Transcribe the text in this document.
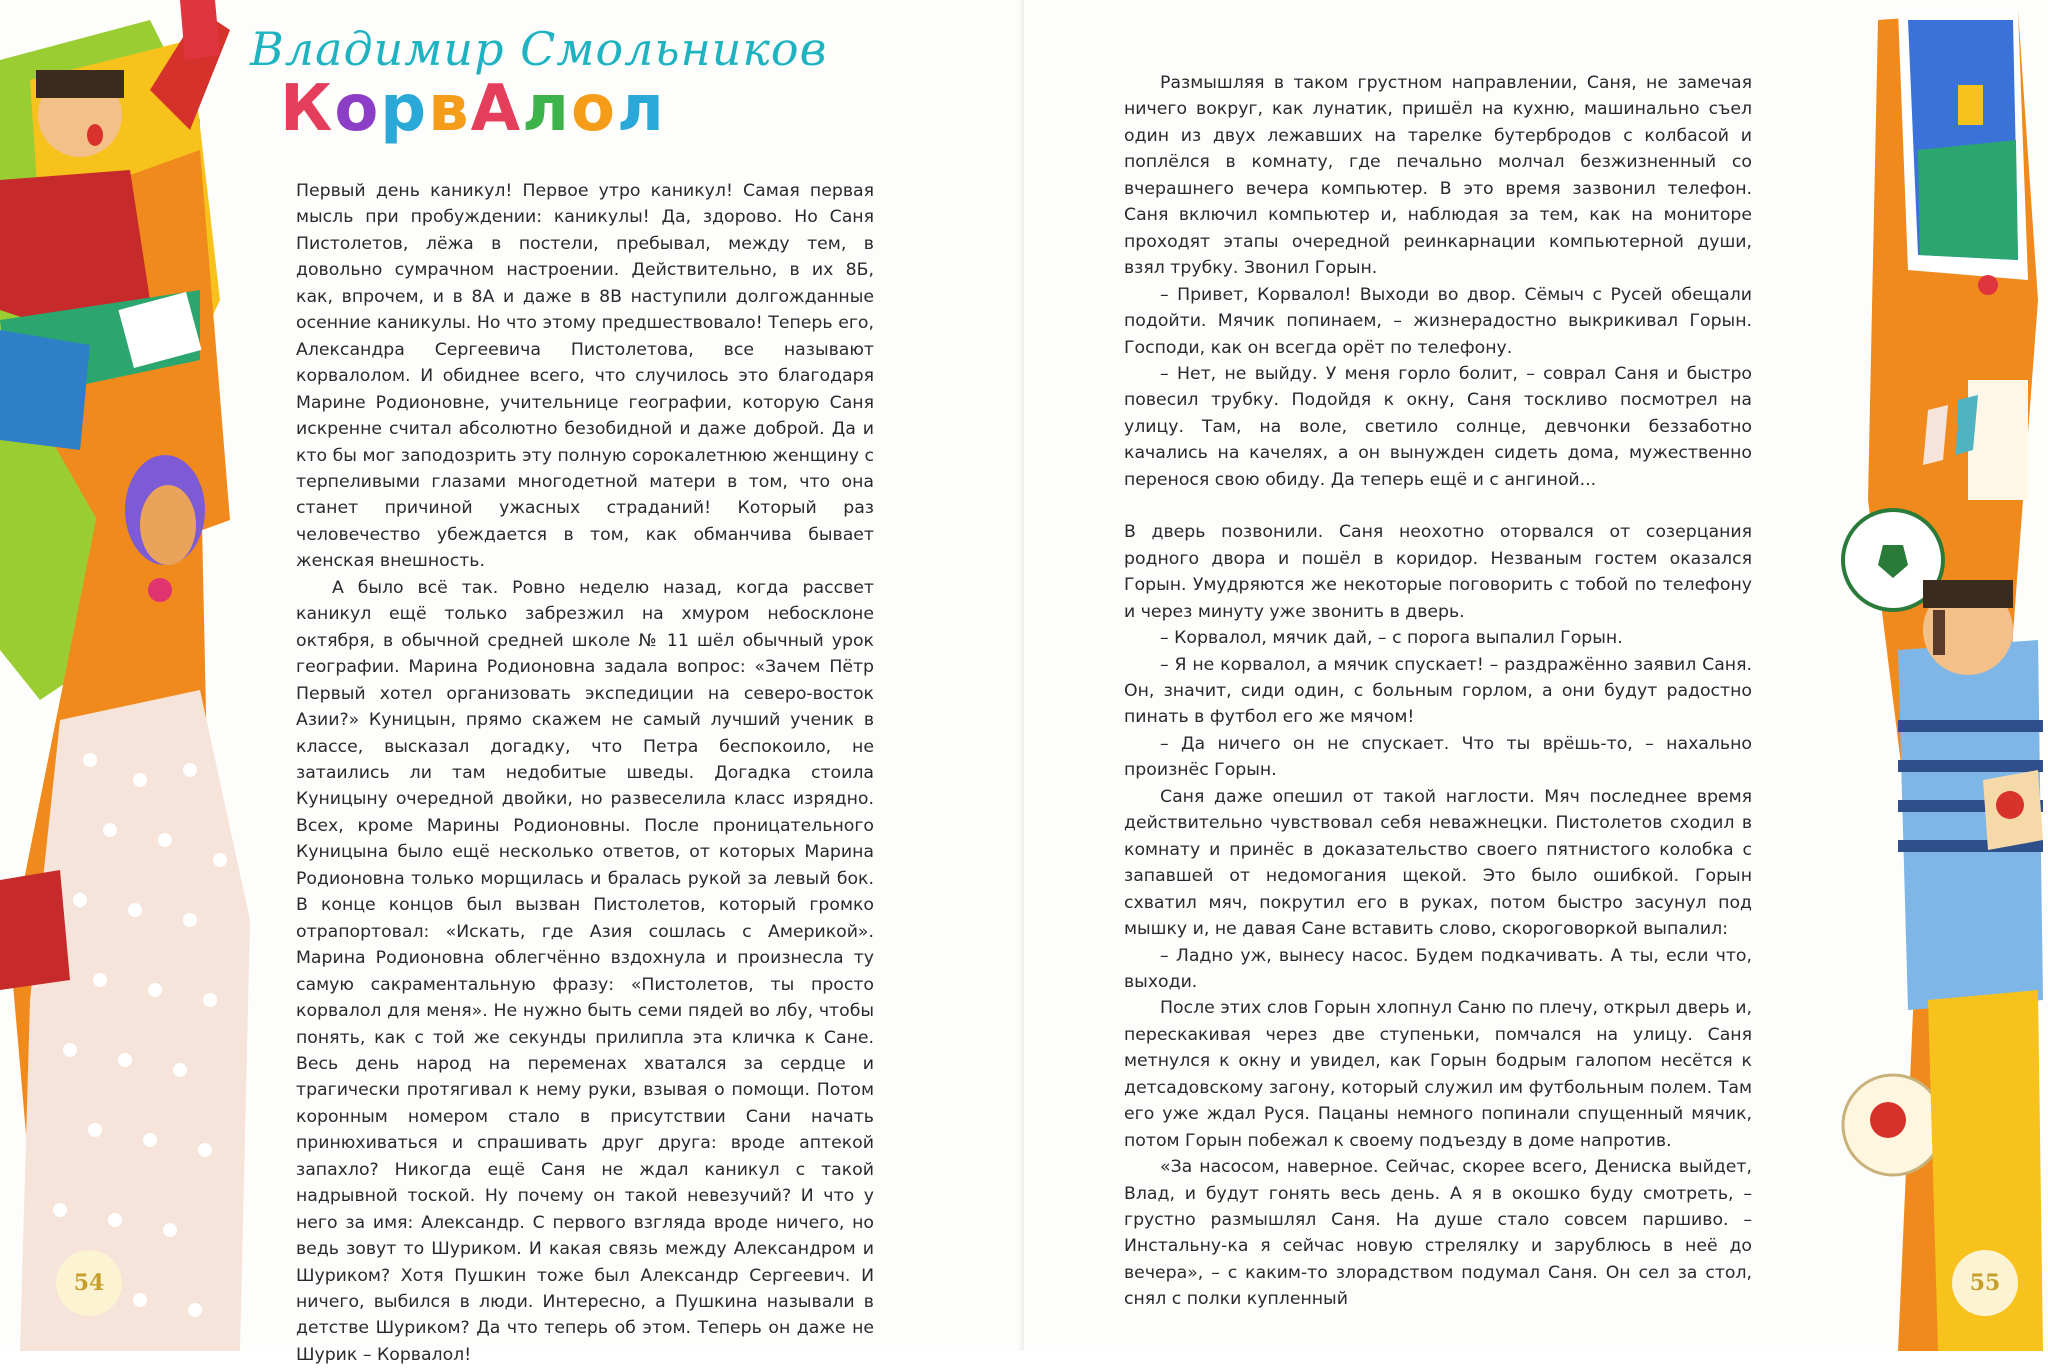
Владимир Смольников
КорвАлол

Первый день каникул! Первое утро каникул! Самая первая мысль при пробуждении: каникулы! Да, здорово. Но Саня Пистолетов, лёжа в постели, пребывал, между тем, в довольно сумрачном настроении. Действительно, в их 8Б, как, впрочем, и в 8А и даже в 8В наступили долгожданные осенние каникулы. Но что этому предшествовало! Теперь его, Александра Сергеевича Пистолетова, все называют корвалолом. И обиднее всего, что случилось это благодаря Марине Родионовне, учительнице географии, которую Саня искренне считал абсолютно безобидной и даже доброй. Да и кто бы мог заподозрить эту полную сорокалетнюю женщину с терпеливыми глазами многодетной матери в том, что она станет причиной ужасных страданий! Который раз человечество убеждается в том, как обманчива бывает женская внешность.

А было всё так. Ровно неделю назад, когда рассвет каникул ещё только забрезжил на хмуром небосклоне октября, в обычной средней школе № 11 шёл обычный урок географии. Марина Родионовна задала вопрос: «Зачем Пётр Первый хотел организовать экспедиции на северо-восток Азии?» Куницын, прямо скажем не самый лучший ученик в классе, высказал догадку, что Петра беспокоило, не затаились ли там недобитые шведы. Догадка стоила Куницыну очередной двойки, но развеселила класс изрядно. Всех, кроме Марины Родионовны. После проницательного Куницына было ещё несколько ответов, от которых Марина Родионовна только морщилась и бралась рукой за левый бок. В конце концов был вызван Пистолетов, который громко отрапортовал: «Искать, где Азия сошлась с Америкой». Марина Родионовна облегчённо вздохнула и произнесла ту самую сакраментальную фразу: «Пистолетов, ты просто корвалол для меня». Не нужно быть семи пядей во лбу, чтобы понять, как с той же секунды прилипла эта кличка к Сане. Весь день народ на переменах хватался за сердце и трагически протягивал к нему руки, взывая о помощи. Потом коронным номером стало в присутствии Сани начать принюхиваться и спрашивать друг друга: вроде аптекой запахло? Никогда ещё Саня не ждал каникул с такой надрывной тоской. Ну почему он такой невезучий? И что у него за имя: Александр. С первого взгляда вроде ничего, но ведь зовут то Шуриком. И какая связь между Александром и Шуриком? Хотя Пушкин тоже был Александр Сергеевич. И ничего, выбился в люди. Интересно, а Пушкина называли в детстве Шуриком? Да что теперь об этом. Теперь он даже не Шурик – Корвалол!

54

Размышляя в таком грустном направлении, Саня, не замечая ничего вокруг, как лунатик, пришёл на кухню, машинально съел один из двух лежавших на тарелке бутербродов с колбасой и поплёлся в комнату, где печально молчал безжизненный со вчерашнего вечера компьютер. В это время зазвонил телефон. Саня включил компьютер и, наблюдая за тем, как на мониторе проходят этапы очередной реинкарнации компьютерной души, взял трубку. Звонил Горын.

– Привет, Корвалол! Выходи во двор. Сёмыч с Русей обещали подойти. Мячик попинаем, – жизнерадостно выкрикивал Горын. Господи, как он всегда орёт по телефону.

– Нет, не выйду. У меня горло болит, – соврал Саня и быстро повесил трубку. Подойдя к окну, Саня тоскливо посмотрел на улицу. Там, на воле, светило солнце, девчонки беззаботно качались на качелях, а он вынужден сидеть дома, мужественно перенося свою обиду. Да теперь ещё и с ангиной...

В дверь позвонили. Саня неохотно оторвался от созерцания родного двора и пошёл в коридор. Незваным гостем оказался Горын. Умудряются же некоторые поговорить с тобой по телефону и через минуту уже звонить в дверь.

– Корвалол, мячик дай, – с порога выпалил Горын.

– Я не корвалол, а мячик спускает! – раздражённо заявил Саня. Он, значит, сиди один, с больным горлом, а они будут радостно пинать в футбол его же мячом!

– Да ничего он не спускает. Что ты врёшь-то, – нахально произнёс Горын.

Саня даже опешил от такой наглости. Мяч последнее время действительно чувствовал себя неважнецки. Пистолетов сходил в комнату и принёс в доказательство своего пятнистого колобка с запавшей от недомогания щекой. Это было ошибкой. Горын схватил мяч, покрутил его в руках, потом быстро засунул под мышку и, не давая Сане вставить слово, скороговоркой выпалил:

– Ладно уж, вынесу насос. Будем подкачивать. А ты, если что, выходи.

После этих слов Горын хлопнул Саню по плечу, открыл дверь и, перескакивая через две ступеньки, помчался на улицу. Саня метнулся к окну и увидел, как Горын бодрым галопом несётся к детсадовскому загону, который служил им футбольным полем. Там его уже ждал Руся. Пацаны немного попинали спущенный мячик, потом Горын побежал к своему подъезду в доме напротив.

«За насосом, наверное. Сейчас, скорее всего, Дениска выйдет, Влад, и будут гонять весь день. А я в окошко буду смотреть, – грустно размышлял Саня. На душе стало совсем паршиво. – Инстальну-ка я сейчас новую стрелялку и зарублюсь в неё до вечера», – с каким-то злорадством подумал Саня. Он сел за стол, снял с полки купленный

55
